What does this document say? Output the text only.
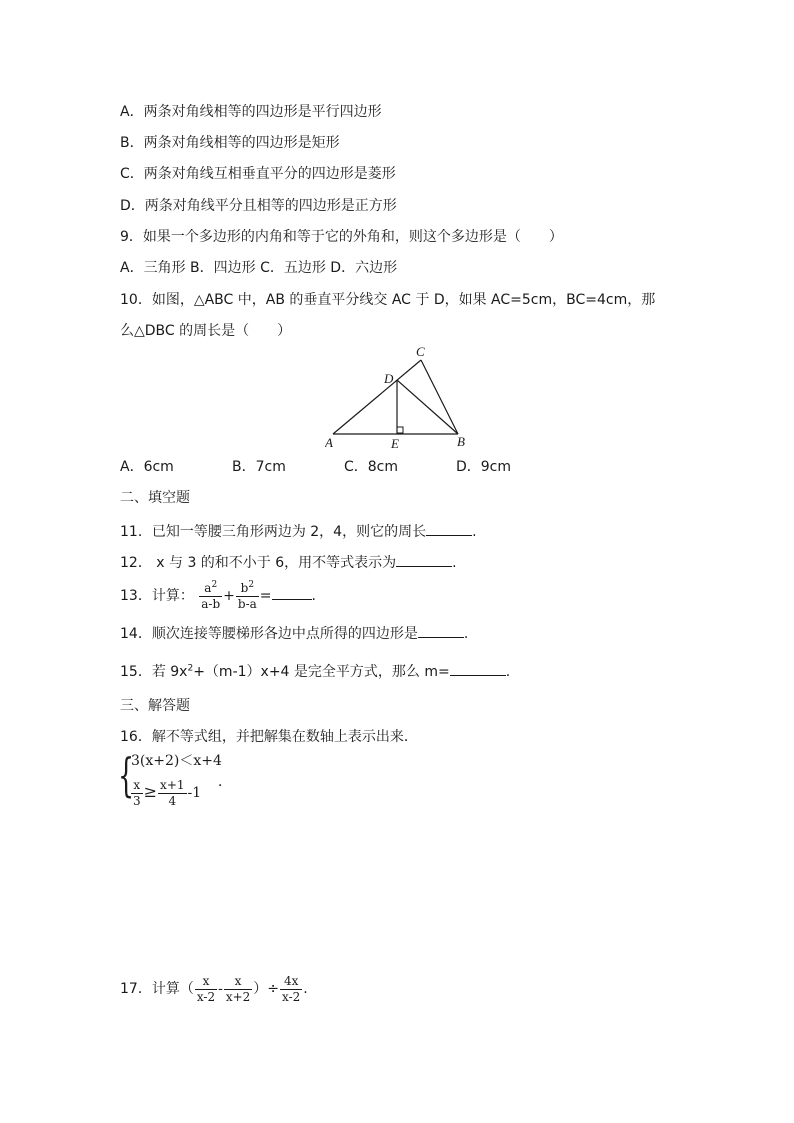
A．两条对角线相等的四边形是平行四边形
B．两条对角线相等的四边形是矩形
C．两条对角线互相垂直平分的四边形是菱形
D．两条对角线平分且相等的四边形是正方形
9．如果一个多边形的内角和等于它的外角和，则这个多边形是（　　）
A．三角形 B．四边形 C．五边形 D．六边形
10．如图，△ABC 中，AB 的垂直平分线交 AC 于 D，如果 AC=5cm，BC=4cm，那
么△DBC 的周长是（　　）
A	B
C
D
E
A．6cm	B．7cm	C．8cm	D．9cm
二、填空题
11．已知一等腰三角形两边为 2，4，则它的周长	.
12． x 与 3 的和不小于 6，用不等式表示为	.
13．计算： $\frac{a^2}{a-b} + \frac{b^2}{b-a}$ =	.
14．顺次连接等腰梯形各边中点所得的四边形是	.
15．若 $9x^2+(m-1)x+4$ 是完全平方式，那么 m=	.
三、解答题
16．解不等式组，并把解集在数轴上表示出来．
{
3(x+2)＜x+4
$\frac{x}{3} \ge \frac{x+1}{4} -1$
．
17．计算（ $\frac{x}{x-2} - \frac{x}{x+2}$ ）÷ $\frac{4x}{x-2}$ .
